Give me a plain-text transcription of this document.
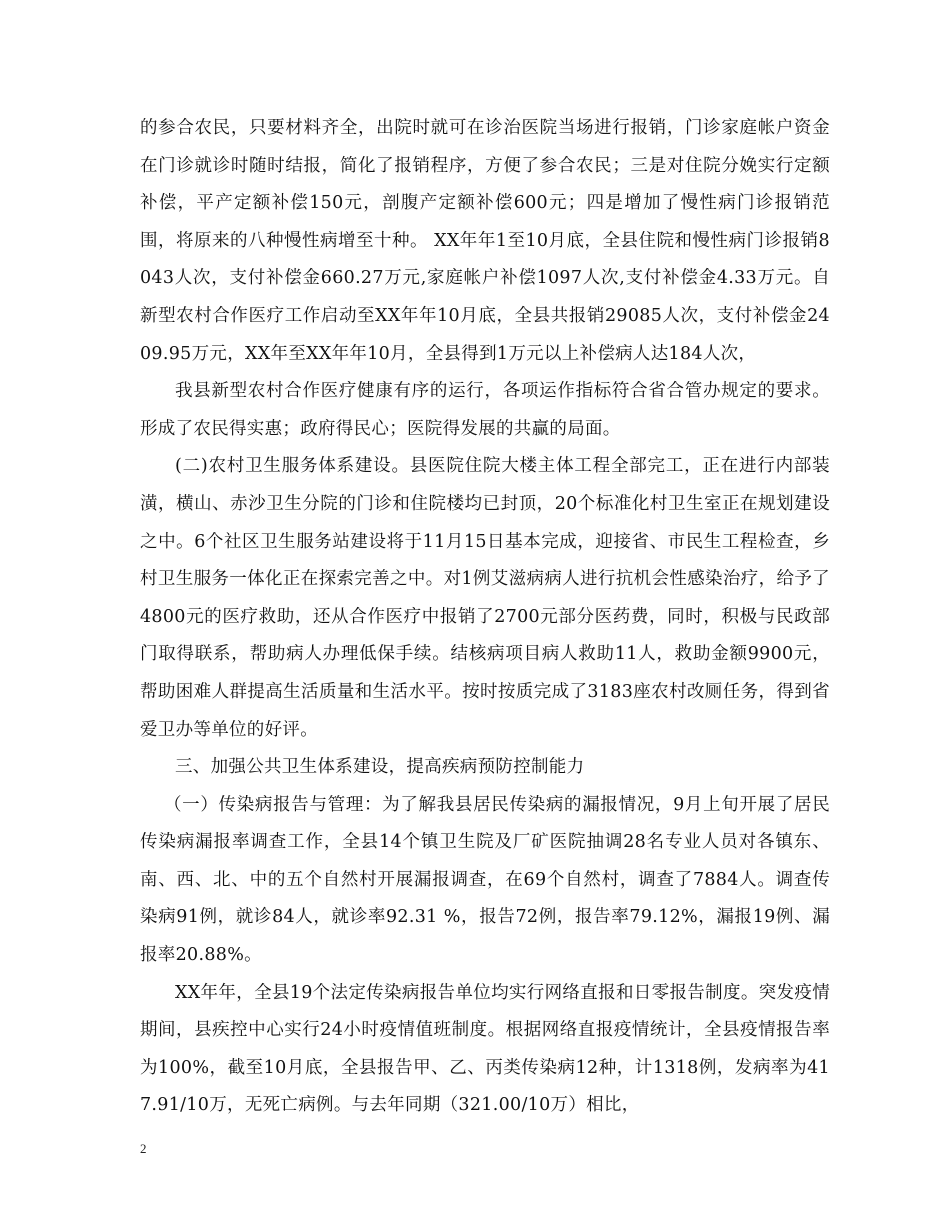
的参合农民，只要材料齐全，出院时就可在诊治医院当场进行报销，门诊家庭帐户资金在门诊就诊时随时结报，简化了报销程序，方便了参合农民；三是对住院分娩实行定额补偿，平产定额补偿150元，剖腹产定额补偿600元；四是增加了慢性病门诊报销范围，将原来的八种慢性病增至十种。 XX年年1至10月底，全县住院和慢性病门诊报销8043人次，支付补偿金660.27万元,家庭帐户补偿1097人次,支付补偿金4.33万元。自新型农村合作医疗工作启动至XX年年10月底，全县共报销29085人次，支付补偿金2409.95万元，XX年至XX年年10月，全县得到1万元以上补偿病人达184人次，

我县新型农村合作医疗健康有序的运行，各项运作指标符合省合管办规定的要求。形成了农民得实惠；政府得民心；医院得发展的共赢的局面。

(二)农村卫生服务体系建设。县医院住院大楼主体工程全部完工，正在进行内部装潢，横山、赤沙卫生分院的门诊和住院楼均已封顶，20个标准化村卫生室正在规划建设之中。6个社区卫生服务站建设将于11月15日基本完成，迎接省、市民生工程检查，乡村卫生服务一体化正在探索完善之中。对1例艾滋病病人进行抗机会性感染治疗，给予了4800元的医疗救助，还从合作医疗中报销了2700元部分医药费，同时，积极与民政部门取得联系，帮助病人办理低保手续。结核病项目病人救助11人，救助金额9900元，帮助困难人群提高生活质量和生活水平。按时按质完成了3183座农村改厕任务，得到省爱卫办等单位的好评。

三、加强公共卫生体系建设，提高疾病预防控制能力

（一）传染病报告与管理：为了解我县居民传染病的漏报情况，9月上旬开展了居民传染病漏报率调查工作，全县14个镇卫生院及厂矿医院抽调28名专业人员对各镇东、南、西、北、中的五个自然村开展漏报调查，在69个自然村，调查了7884人。调查传染病91例，就诊84人，就诊率92.31 %，报告72例，报告率79.12%，漏报19例、漏报率20.88%。

XX年年，全县19个法定传染病报告单位均实行网络直报和日零报告制度。突发疫情期间，县疾控中心实行24小时疫情值班制度。根据网络直报疫情统计，全县疫情报告率为100%，截至10月底，全县报告甲、乙、丙类传染病12种，计1318例，发病率为417.91/10万，无死亡病例。与去年同期（321.00/10万）相比，

2
